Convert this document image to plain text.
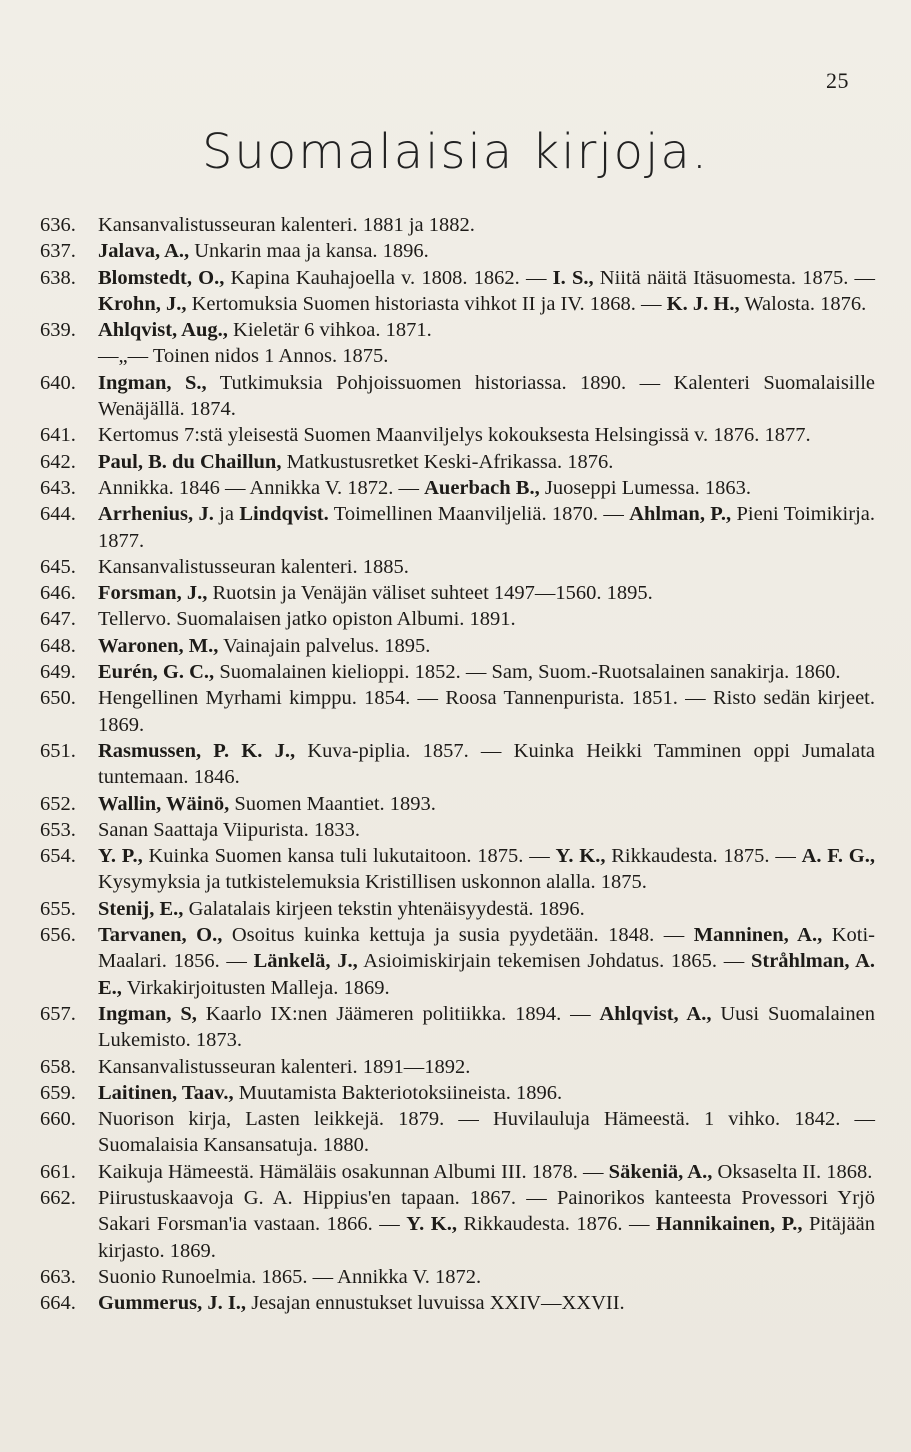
25
Suomalaisia kirjoja.
636.	Kansanvalistusseuran kalenteri. 1881 ja 1882.
637.	Jalava, A., Unkarin maa ja kansa. 1896.
638.	Blomstedt, O., Kapina Kauhajoella v. 1808. 1862. — I. S., Niitä näitä Itäsuomesta. 1875. — Krohn, J., Kertomuksia Suomen historiasta vihkot II ja IV. 1868. — K. J. H., Walosta. 1876.
639.	Ahlqvist, Aug., Kieletär 6 vihkoa. 1871.
—„— Toinen nidos 1 Annos. 1875.
640.	Ingman, S., Tutkimuksia Pohjoissuomen historiassa. 1890. — Kalenteri Suomalaisille Wenäjällä. 1874.
641.	Kertomus 7:stä yleisestä Suomen Maanviljelys kokouksesta Helsingissä v. 1876. 1877.
642.	Paul, B. du Chaillun, Matkustusretket Keski-Afrikassa. 1876.
643.	Annikka. 1846 — Annikka V. 1872. — Auerbach B., Juoseppi Lumessa. 1863.
644.	Arrhenius, J. ja Lindqvist. Toimellinen Maanviljeliä. 1870. — Ahlman, P., Pieni Toimikirja. 1877.
645.	Kansanvalistusseuran kalenteri. 1885.
646.	Forsman, J., Ruotsin ja Venäjän väliset suhteet 1497—1560. 1895.
647.	Tellervo. Suomalaisen jatko opiston Albumi. 1891.
648.	Waronen, M., Vainajain palvelus. 1895.
649.	Eurén, G. C., Suomalainen kielioppi. 1852. — Sam, Suom.-Ruotsalainen sanakirja. 1860.
650.	Hengellinen Myrhami kimppu. 1854. — Roosa Tannenpurista. 1851. — Risto sedän kirjeet. 1869.
651.	Rasmussen, P. K. J., Kuva-piplia. 1857. — Kuinka Heikki Tamminen oppi Jumalata tuntemaan. 1846.
652.	Wallin, Wäinö, Suomen Maantiet. 1893.
653.	Sanan Saattaja Viipurista. 1833.
654.	Y. P., Kuinka Suomen kansa tuli lukutaitoon. 1875. — Y. K., Rikkaudesta. 1875. — A. F. G., Kysymyksia ja tutkistelemuksia Kristillisen uskonnon alalla. 1875.
655.	Stenij, E., Galatalais kirjeen tekstin yhtenäisyydestä. 1896.
656.	Tarvanen, O., Osoitus kuinka kettuja ja susia pyydetään. 1848. — Manninen, A., Koti-Maalari. 1856. — Länkelä, J., Asioimiskirjain tekemisen Johdatus. 1865. — Stråhlman, A. E., Virkakirjoitusten Malleja. 1869.
657.	Ingman, S, Kaarlo IX:nen Jäämeren politiikka. 1894. — Ahlqvist, A., Uusi Suomalainen Lukemisto. 1873.
658.	Kansanvalistusseuran kalenteri. 1891—1892.
659.	Laitinen, Taav., Muutamista Bakteriotoksiineista. 1896.
660.	Nuorison kirja, Lasten leikkejä. 1879. — Huvilauluja Hämeestä. 1 vihko. 1842. — Suomalaisia Kansansatuja. 1880.
661.	Kaikuja Hämeestä. Hämäläis osakunnan Albumi III. 1878. — Säkeniä, A., Oksaselta II. 1868.
662.	Piirustuskaavoja G. A. Hippius'en tapaan. 1867. — Painorikos kanteesta Provessori Yrjö Sakari Forsman'ia vastaan. 1866. — Y. K., Rikkaudesta. 1876. — Hannikainen, P., Pitäjään kirjasto. 1869.
663.	Suonio Runoelmia. 1865. — Annikka V. 1872.
664.	Gummerus, J. I., Jesajan ennustukset luvuissa XXIV—XXVII.
